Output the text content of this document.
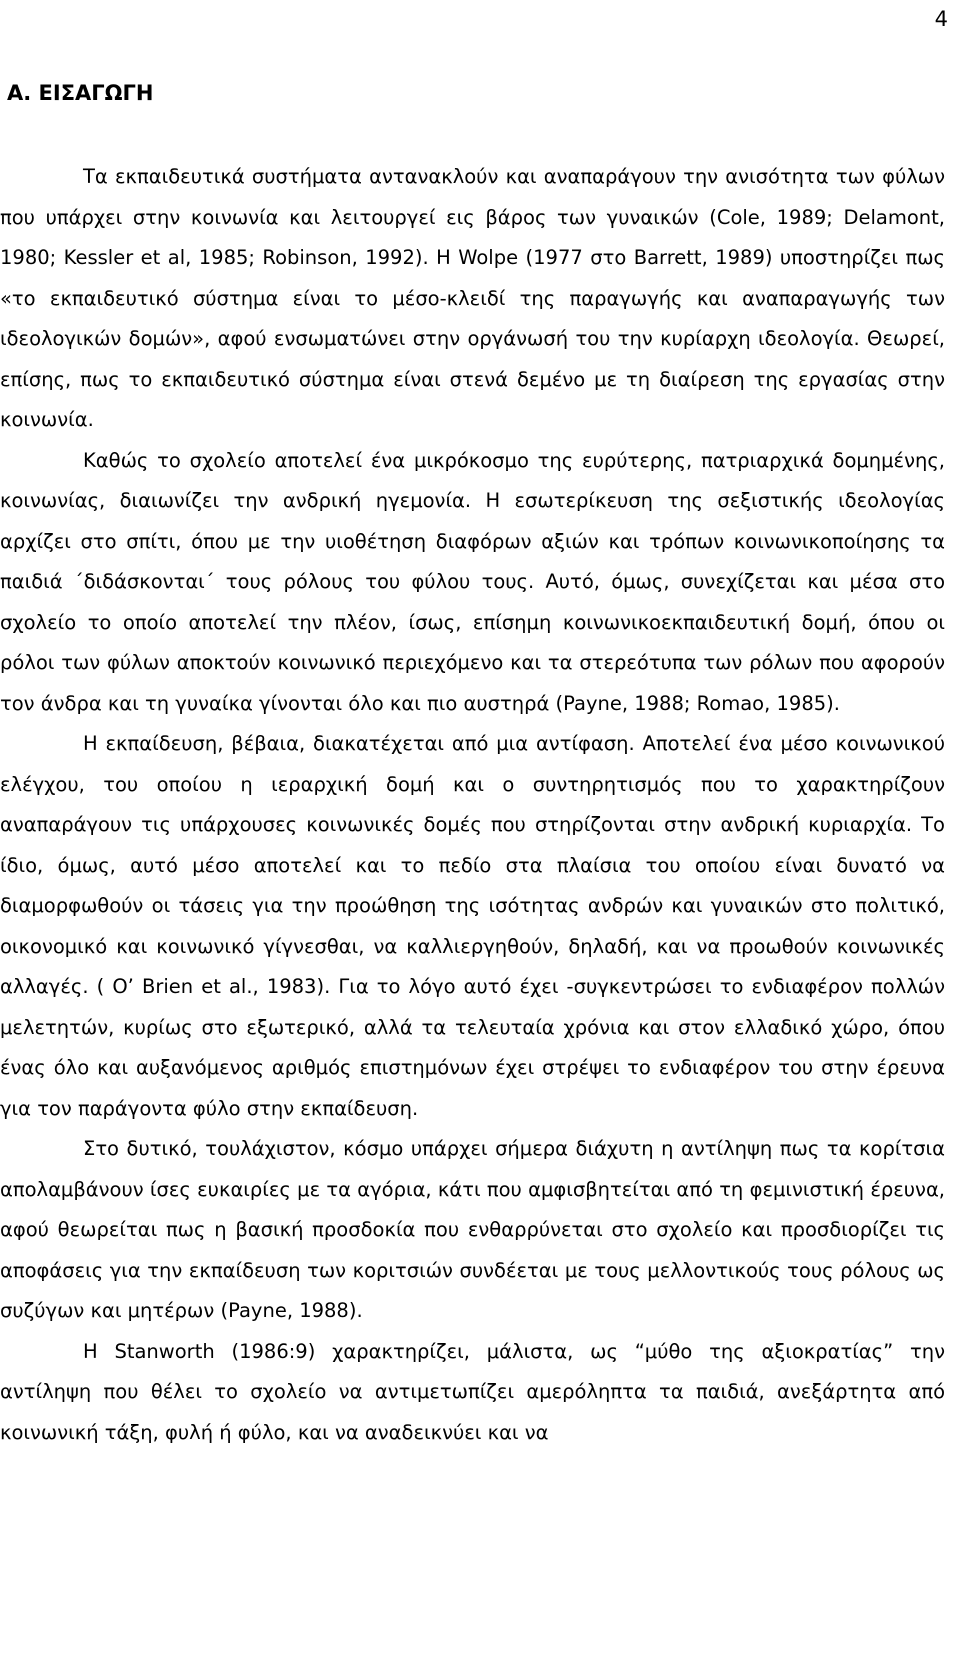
4
Α. ΕΙΣΑΓΩΓΗ

Τα εκπαιδευτικά συστήματα αντανακλούν και αναπαράγουν την ανισότητα των φύλων που υπάρχει στην κοινωνία και λειτουργεί εις βάρος των γυναικών (Cole, 1989; Delamont, 1980; Kessler et al, 1985; Robinson, 1992). Η Wolpe (1977 στο Barrett, 1989) υποστηρίζει πως «το εκπαιδευτικό σύστημα είναι το μέσο-κλειδί της παραγωγής και αναπαραγωγής των ιδεολογικών δομών», αφού ενσωματώνει στην οργάνωσή του την κυρίαρχη ιδεολογία. Θεωρεί, επίσης, πως το εκπαιδευτικό σύστημα είναι στενά δεμένο με τη διαίρεση της εργασίας στην κοινωνία.

Καθώς το σχολείο αποτελεί ένα μικρόκοσμο της ευρύτερης, πατριαρχικά δομημένης, κοινωνίας, διαιωνίζει την ανδρική ηγεμονία. Η εσωτερίκευση της σεξιστικής ιδεολογίας αρχίζει στο σπίτι, όπου με την υιοθέτηση διαφόρων αξιών και τρόπων κοινωνικοποίησης τα παιδιά ΄διδάσκονται΄ τους ρόλους του φύλου τους. Αυτό, όμως, συνεχίζεται και μέσα στο σχολείο το οποίο αποτελεί την πλέον, ίσως, επίσημη κοινωνικοεκπαιδευτική δομή, όπου οι ρόλοι των φύλων αποκτούν κοινωνικό περιεχόμενο και τα στερεότυπα των ρόλων που αφορούν τον άνδρα και τη γυναίκα γίνονται όλο και πιο αυστηρά (Payne, 1988; Romao, 1985).

Η εκπαίδευση, βέβαια, διακατέχεται από μια αντίφαση. Αποτελεί ένα μέσο κοινωνικού ελέγχου, του οποίου η ιεραρχική δομή και ο συντηρητισμός που το χαρακτηρίζουν αναπαράγουν τις υπάρχουσες κοινωνικές δομές που στηρίζονται στην ανδρική κυριαρχία. Το ίδιο, όμως, αυτό μέσο αποτελεί και το πεδίο στα πλαίσια του οποίου είναι δυνατό να διαμορφωθούν οι τάσεις για την προώθηση της ισότητας ανδρών και γυναικών στο πολιτικό, οικονομικό και κοινωνικό γίγνεσθαι, να καλλιεργηθούν, δηλαδή, και να προωθούν κοινωνικές αλλαγές. ( O’ Brien et al., 1983). Για το λόγο αυτό έχει -συγκεντρώσει το ενδιαφέρον πολλών μελετητών, κυρίως στο εξωτερικό, αλλά τα τελευταία χρόνια και στον ελλαδικό χώρο, όπου ένας όλο και αυξανόμενος αριθμός επιστημόνων έχει στρέψει το ενδιαφέρον του στην έρευνα για τον παράγοντα φύλο στην εκπαίδευση.

Στο δυτικό, τουλάχιστον, κόσμο υπάρχει σήμερα διάχυτη η αντίληψη πως τα κορίτσια απολαμβάνουν ίσες ευκαιρίες με τα αγόρια, κάτι που αμφισβητείται από τη φεμινιστική έρευνα, αφού θεωρείται πως η βασική προσδοκία που ενθαρρύνεται στο σχολείο και προσδιορίζει τις αποφάσεις για την εκπαίδευση των κοριτσιών συνδέεται με τους μελλοντικούς τους ρόλους ως συζύγων και μητέρων (Payne, 1988).

Η Stanworth (1986:9) χαρακτηρίζει, μάλιστα, ως “μύθο της αξιοκρατίας” την αντίληψη που θέλει το σχολείο να αντιμετωπίζει αμερόληπτα τα παιδιά, ανεξάρτητα από κοινωνική τάξη, φυλή ή φύλο, και να αναδεικνύει και να
